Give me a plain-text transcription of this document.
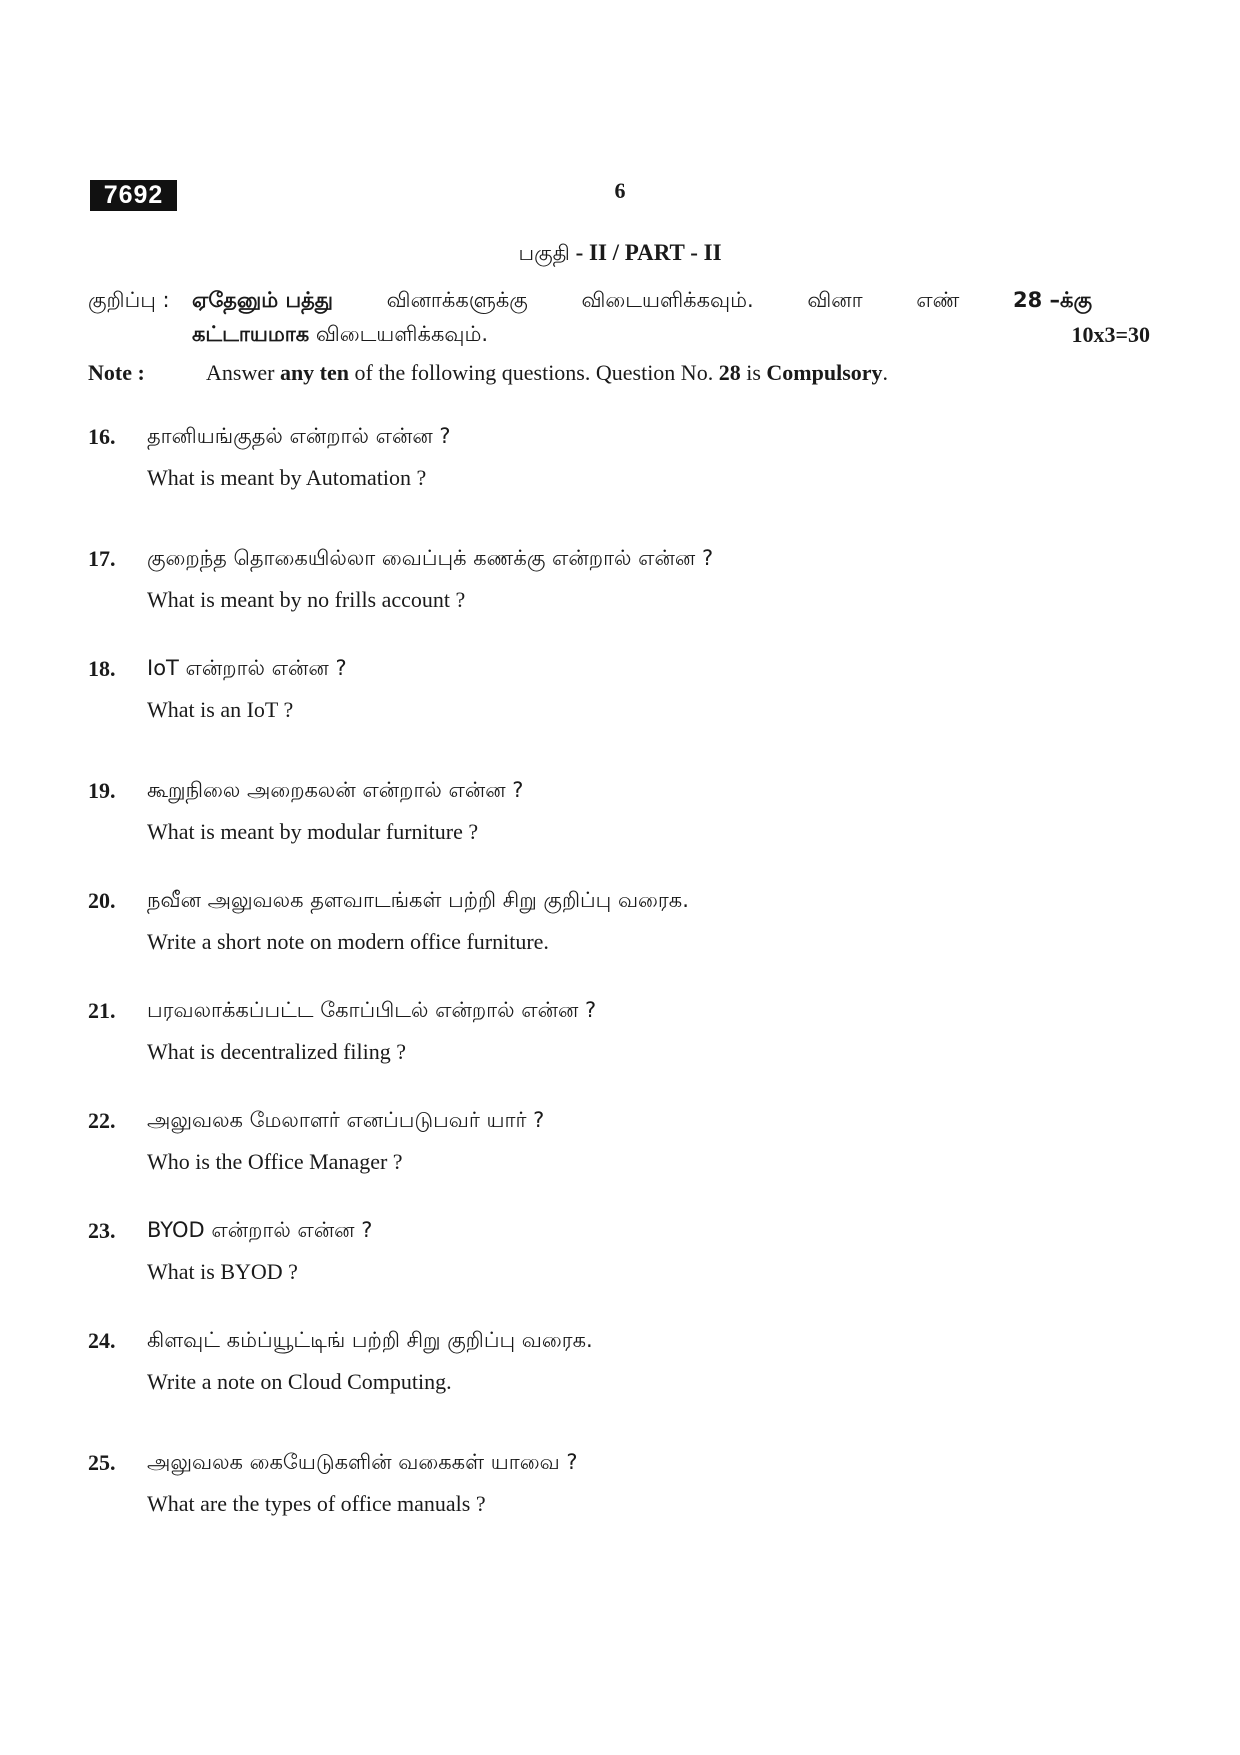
7692	6
பகுதி - II / PART - II
குறிப்பு : ஏதேனும் பத்து	வினாக்களுக்கு	விடையளிக்கவும்.	வினா	எண்	28 –க்கு
கட்டாயமாக விடையளிக்கவும்.	10x3=30
Note :	Answer any ten of the following questions. Question No. 28 is Compulsory.
16. தானியங்குதல் என்றால் என்ன ?
What is meant by Automation ?
17. குறைந்த தொகையில்லா வைப்புக் கணக்கு என்றால் என்ன ?
What is meant by no frills account ?
18. IoT என்றால் என்ன ?
What is an IoT ?
19. கூறுநிலை அறைகலன் என்றால் என்ன ?
What is meant by modular furniture ?
20. நவீன அலுவலக தளவாடங்கள் பற்றி சிறு குறிப்பு வரைக.
Write a short note on modern office furniture.
21. பரவலாக்கப்பட்ட கோப்பிடல் என்றால் என்ன ?
What is decentralized filing ?
22. அலுவலக மேலாளர் எனப்படுபவர் யார் ?
Who is the Office Manager ?
23. BYOD என்றால் என்ன ?
What is BYOD ?
24. கிளவுட் கம்ப்யூட்டிங் பற்றி சிறு குறிப்பு வரைக.
Write a note on Cloud Computing.
25. அலுவலக கையேடுகளின் வகைகள் யாவை ?
What are the types of office manuals ?
